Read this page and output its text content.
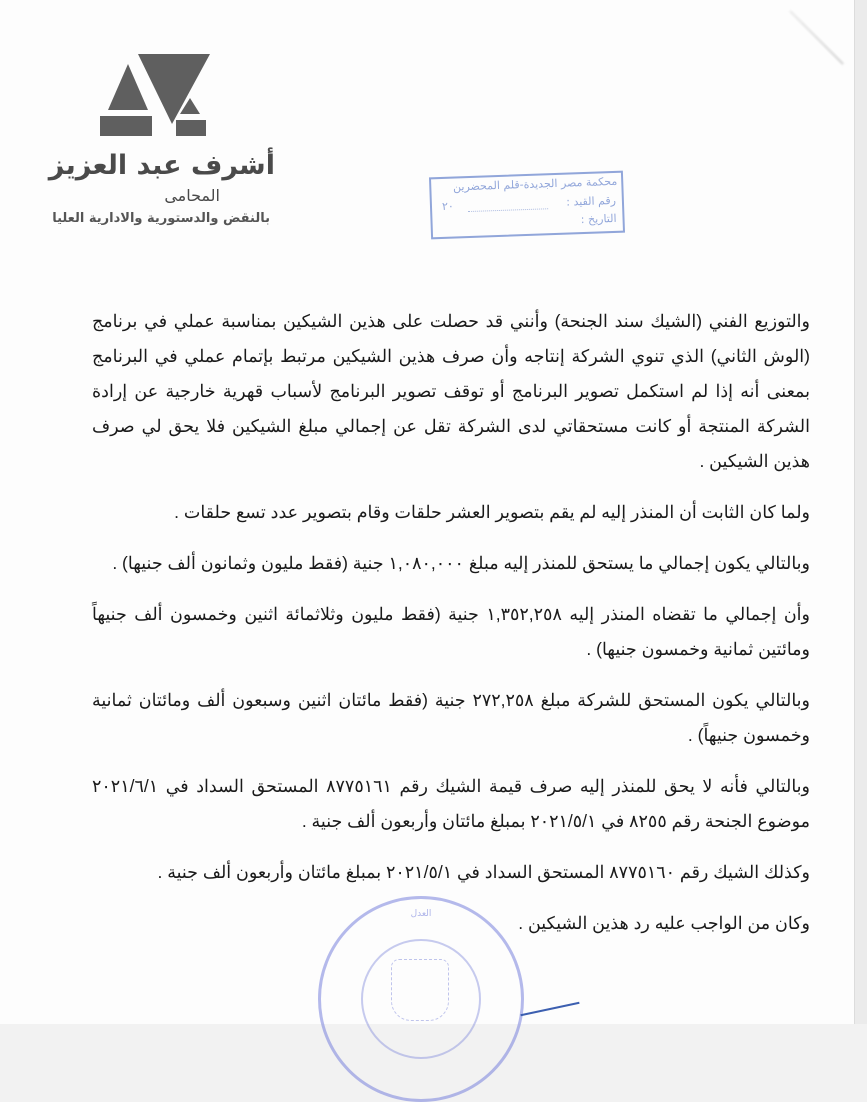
العدل
أشرف عبد العزيز
المحامى
بالنقض والدستورية والادارية العليا
محكمة مصر الجديدة-قلم المحضرين
رقم القيد :
٢٠
التاريخ :

والتوزيع الفني (الشيك سند الجنحة) وأنني قد حصلت على هذين الشيكين بمناسبة عملي في برنامج (الوش الثاني) الذي تنوي الشركة إنتاجه وأن صرف هذين الشيكين مرتبط بإتمام عملي في البرنامج بمعنى أنه إذا لم استكمل تصوير البرنامج أو توقف تصوير البرنامج لأسباب قهرية خارجية عن إرادة الشركة المنتجة أو كانت مستحقاتي لدى الشركة تقل عن إجمالي مبلغ الشيكين فلا يحق لي صرف هذين الشيكين .

ولما كان الثابت أن المنذر إليه لم يقم بتصوير العشر حلقات وقام بتصوير عدد تسع حلقات .

وبالتالي يكون إجمالي ما يستحق للمنذر إليه مبلغ ١,٠٨٠,٠٠٠ جنية (فقط مليون وثمانون ألف جنيها) .

وأن إجمالي ما تقضاه المنذر إليه ١,٣٥٢,٢٥٨ جنية (فقط مليون وثلاثمائة اثنين وخمسون ألف جنيهاً ومائتين ثمانية وخمسون جنيها) .

وبالتالي يكون المستحق للشركة مبلغ ٢٧٢,٢٥٨ جنية (فقط مائتان اثنين وسبعون ألف ومائتان ثمانية وخمسون جنيهاً) .

وبالتالي فأنه لا يحق للمنذر إليه صرف قيمة الشيك رقم ٨٧٧٥١٦١ المستحق السداد في ٢٠٢١/٦/١ موضوع الجنحة رقم ٨٢٥٥ في ٢٠٢١/٥/١ بمبلغ مائتان وأربعون ألف جنية .

وكذلك الشيك رقم ٨٧٧٥١٦٠ المستحق السداد في ٢٠٢١/٥/١ بمبلغ مائتان وأربعون ألف جنية .

وكان من الواجب عليه رد هذين الشيكين .
